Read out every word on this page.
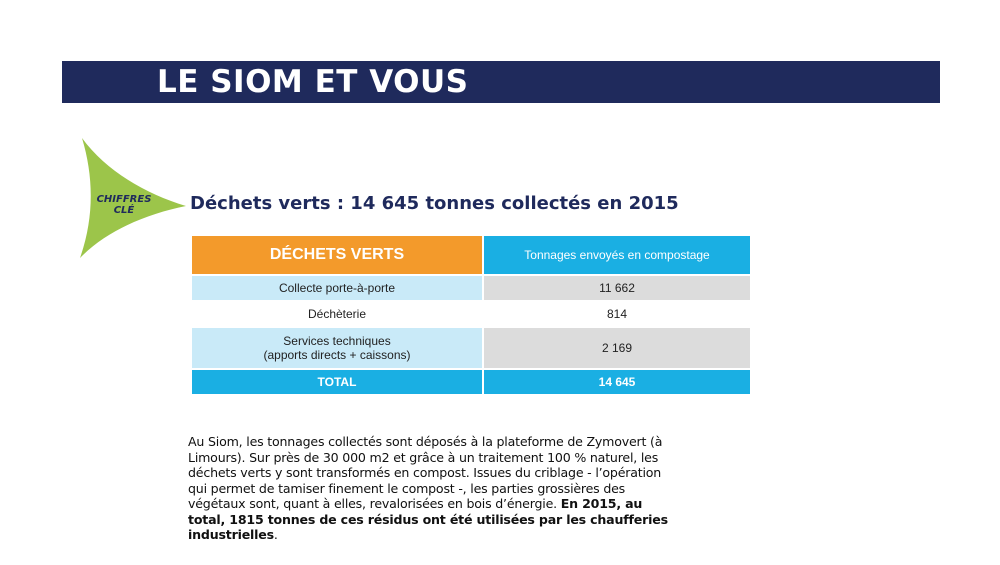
LE SIOM ET VOUS
CHIFFRES
CLÉ	Déchets verts : 14 645 tonnes collectés en 2015
DÉCHETS VERTS	Tonnages envoyés en compostage
Collecte porte-à-porte	11 662
Déchèterie	814

Services techniques
(apports directs + caissons)	2 169
TOTAL	14 645
Au Siom, les tonnages collectés sont déposés à la plateforme de Zymovert (à Limours). Sur près de 30 000 m2 et grâce à un traitement 100 % naturel, les déchets verts y sont transformés en compost. Issues du criblage - l’opération qui permet de tamiser finement le compost -, les parties grossières des végétaux sont, quant à elles, revalorisées en bois d’énergie. En 2015, au total, 1815 tonnes de ces résidus ont été utilisées par les chaufferies industrielles.
